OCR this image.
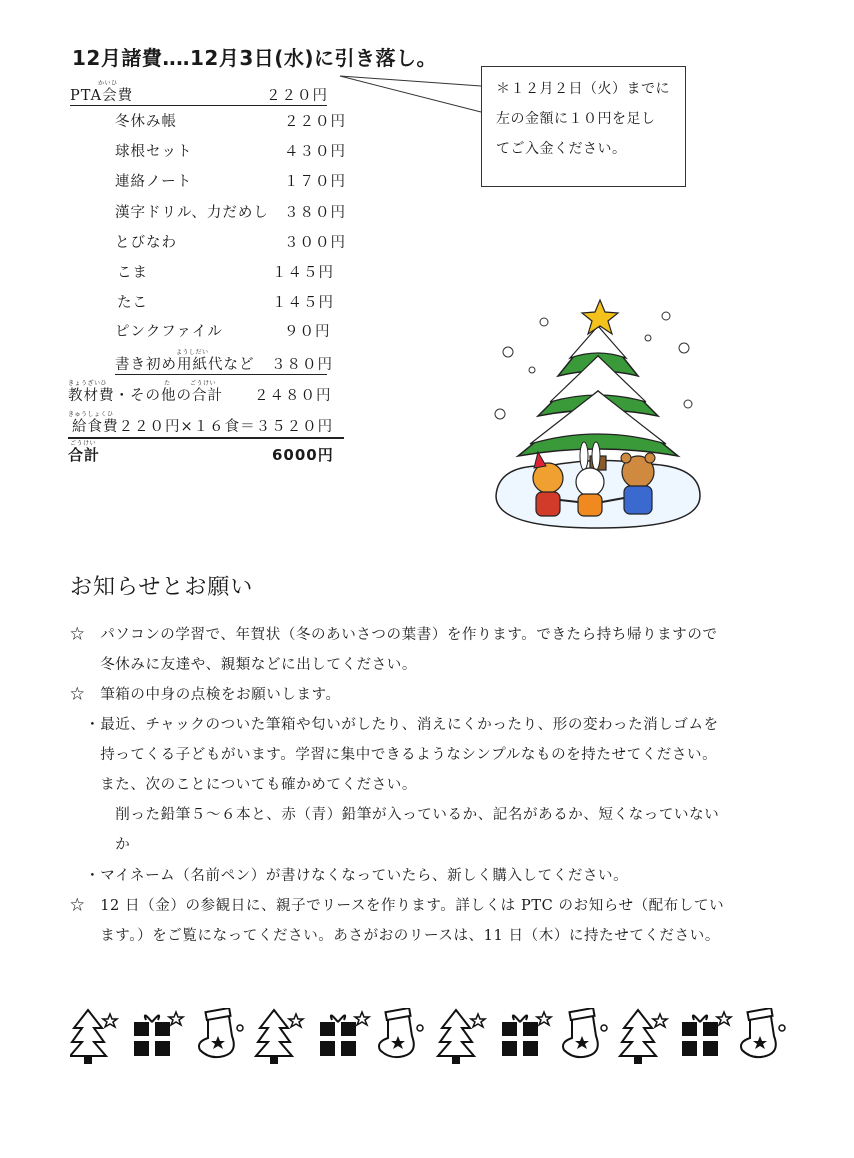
12月諸費‥‥12月3日(水)に引き落し。
＊１２月２日（火）までに
左の金額に１０円を足し
てご入金ください。
かいひ
PTA会費	２２０円
冬休み帳	２２０円
球根セット	４３０円
連絡ノート	１７０円
漢字ドリル、力だめし ３８０円
とびなわ	３００円
こま	１４５円
たこ	１４５円
ピンクファイル	９０円
ようしだい
書き初め用紙代など ３８０円
きょうざいひ	た	ごうけい
教材費・その他の合計 ２４８０円
きゅうしょくひ
給食費２２０円×１６食＝３５２０円
ごうけい
合計	6000円
お知らせとお願い
☆　パソコンの学習で、年賀状（冬のあいさつの葉書）を作ります。できたら持ち帰りますので
　　冬休みに友達や、親類などに出してください。
☆　筆箱の中身の点検をお願いします。
　・最近、チャックのついた筆箱や匂いがしたり、消えにくかったり、形の変わった消しゴムを
　　持ってくる子どもがいます。学習に集中できるようなシンプルなものを持たせてください。
　　また、次のことについても確かめてください。
　　　削った鉛筆５～６本と、赤（青）鉛筆が入っているか、記名があるか、短くなっていない
　　　か
　・マイネーム（名前ペン）が書けなくなっていたら、新しく購入してください。
☆　12 日（金）の参観日に、親子でリースを作ります。詳しくは PTC のお知らせ（配布してい
　　ます。）をご覧になってください。あさがおのリースは、11 日（木）に持たせてください。
